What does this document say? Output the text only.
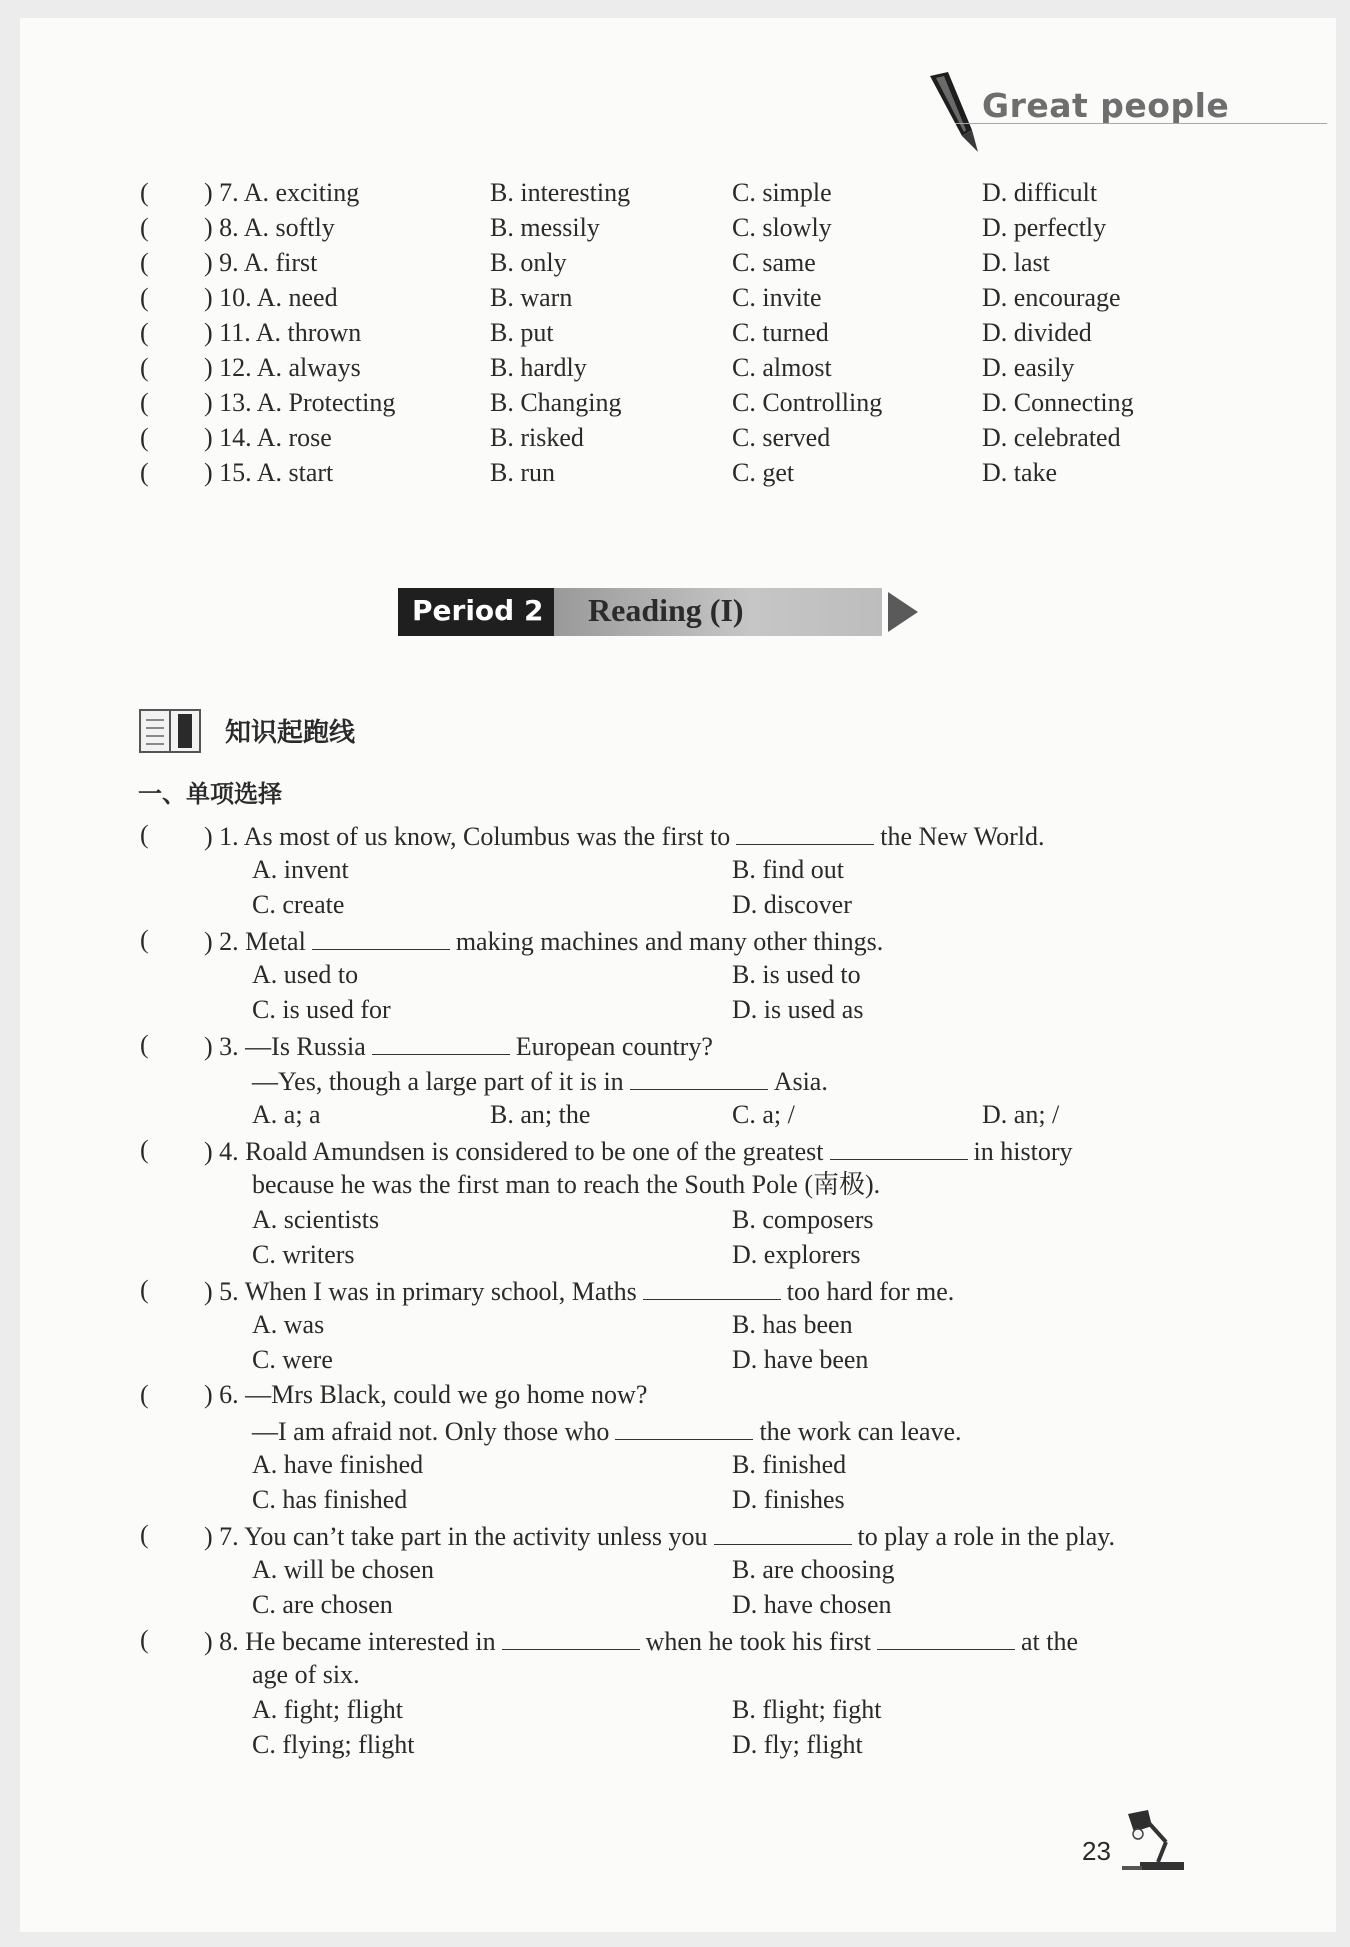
Great people
( ) 7. A. exciting	B. interesting	C. simple	D. difficult
( ) 8. A. softly	B. messily	C. slowly	D. perfectly
( ) 9. A. first	B. only	C. same	D. last
( ) 10. A. need	B. warn	C. invite	D. encourage
( ) 11. A. thrown	B. put	C. turned	D. divided
( ) 12. A. always	B. hardly	C. almost	D. easily
( ) 13. A. Protecting	B. Changing	C. Controlling	D. Connecting
( ) 14. A. rose	B. risked	C. served	D. celebrated
( ) 15. A. start	B. run	C. get	D. take
Period 2 Reading (I)
知识起跑线
一、单项选择
( ) 1. As most of us know, Columbus was the first to	the New World.
A. invent	B. find out
C. create	D. discover
( ) 2. Metal	making machines and many other things.
A. used to	B. is used to
C. is used for	D. is used as
( ) 3. —Is Russia	European country?
—Yes, though a large part of it is in	Asia.
A. a; a	B. an; the	C. a; /	D. an; /
( ) 4. Roald Amundsen is considered to be one of the greatest	in history
because he was the first man to reach the South Pole (南极).
A. scientists	B. composers
C. writers	D. explorers
( ) 5. When I was in primary school, Maths	too hard for me.
A. was	B. has been
C. were	D. have been
( ) 6. —Mrs Black, could we go home now?
—I am afraid not. Only those who	the work can leave.
A. have finished	B. finished
C. has finished	D. finishes
( ) 7. You can’t take part in the activity unless you	to play a role in the play.
A. will be chosen	B. are choosing
C. are chosen	D. have chosen
( ) 8. He became interested in	when he took his first	at the
age of six.
A. fight; flight	B. flight; fight
C. flying; flight	D. fly; flight
23
